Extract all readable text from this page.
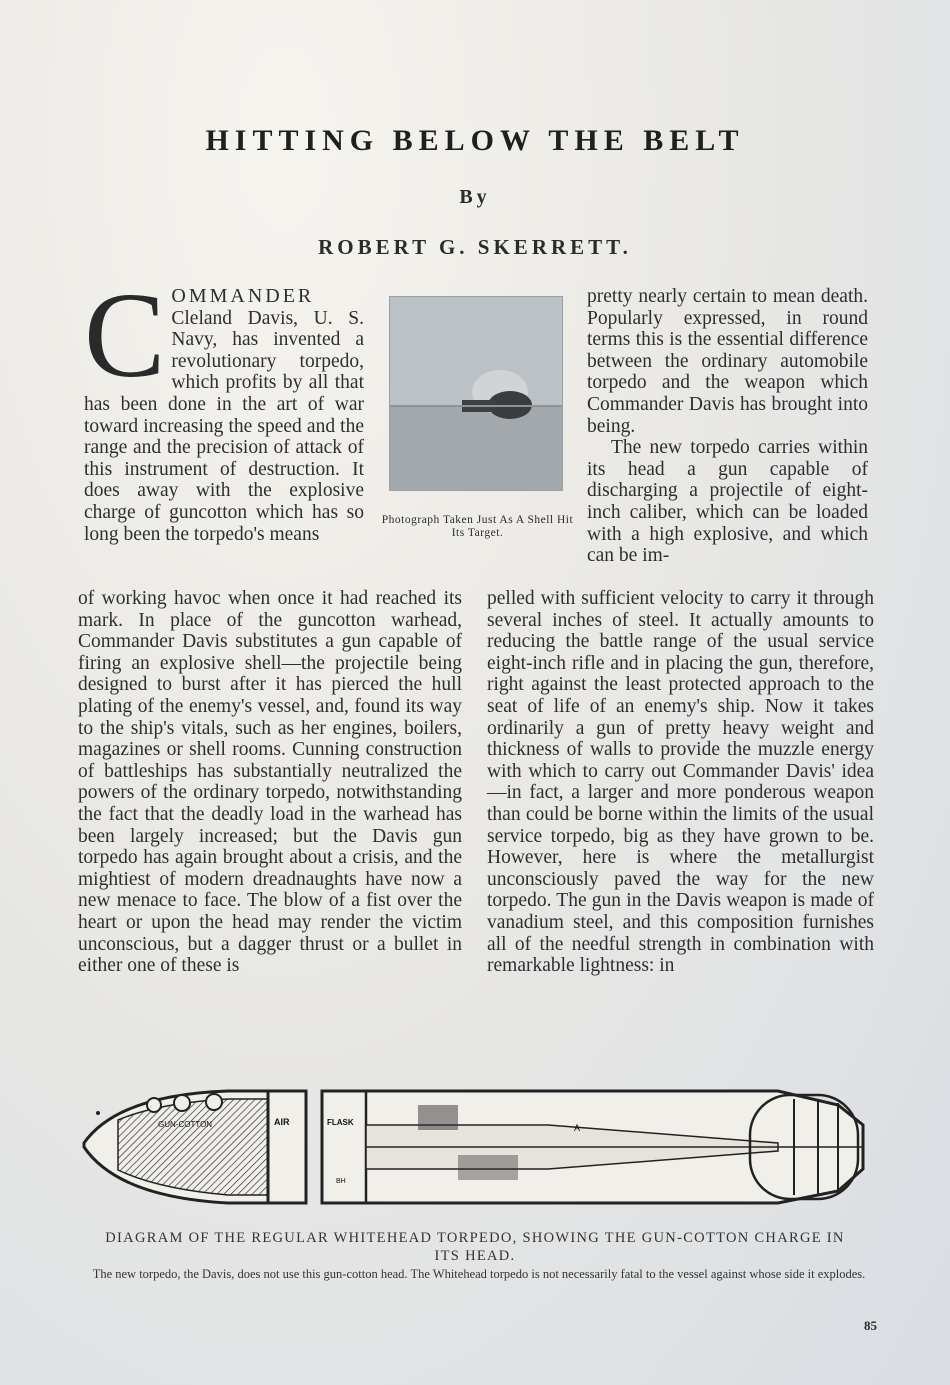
HITTING BELOW THE BELT
By
ROBERT G. SKERRETT.
C OMMANDER Cleland Davis, U. S. Navy, has invented a revolutionary torpedo, which profits by all that has been done in the art of war toward increasing the speed and the range and the precision of attack of this instrument of destruction. It does away with the explosive charge of guncotton which has so long been the torpedo's means

Photograph Taken Just As A Shell Hit Its Target.

pretty nearly certain to mean death. Popularly expressed, in round terms this is the essential difference between the ordinary automobile torpedo and the weapon which Commander Davis has brought into being.

The new torpedo carries within its head a gun capable of discharging a projectile of eight-inch caliber, which can be loaded with a high explosive, and which can be im-

of working havoc when once it had reached its mark. In place of the guncotton warhead, Commander Davis substitutes a gun capable of firing an explosive shell—the projectile being designed to burst after it has pierced the hull plating of the enemy's vessel, and, found its way to the ship's vitals, such as her engines, boilers, magazines or shell rooms. Cunning construction of battleships has substantially neutralized the powers of the ordinary torpedo, notwithstanding the fact that the deadly load in the warhead has been largely increased; but the Davis gun torpedo has again brought about a crisis, and the mightiest of modern dreadnaughts have now a new menace to face. The blow of a fist over the heart or upon the head may render the victim unconscious, but a dagger thrust or a bullet in either one of these is

pelled with sufficient velocity to carry it through several inches of steel. It actually amounts to reducing the battle range of the usual service eight-inch rifle and in placing the gun, therefore, right against the least protected approach to the seat of life of an enemy's ship. Now it takes ordinarily a gun of pretty heavy weight and thickness of walls to provide the muzzle energy with which to carry out Commander Davis' idea—in fact, a larger and more ponderous weapon than could be borne within the limits of the usual service torpedo, big as they have grown to be. However, here is where the metallurgist unconsciously paved the way for the new torpedo. The gun in the Davis weapon is made of vanadium steel, and this composition furnishes all of the needful strength in combination with remarkable lightness: in

GUN-COTTON	AIR	FLASK
BH
A
DIAGRAM OF THE REGULAR WHITEHEAD TORPEDO, SHOWING THE GUN-COTTON CHARGE IN ITS HEAD.
The new torpedo, the Davis, does not use this gun-cotton head. The Whitehead torpedo is not necessarily fatal to the vessel against whose side it explodes.
85
